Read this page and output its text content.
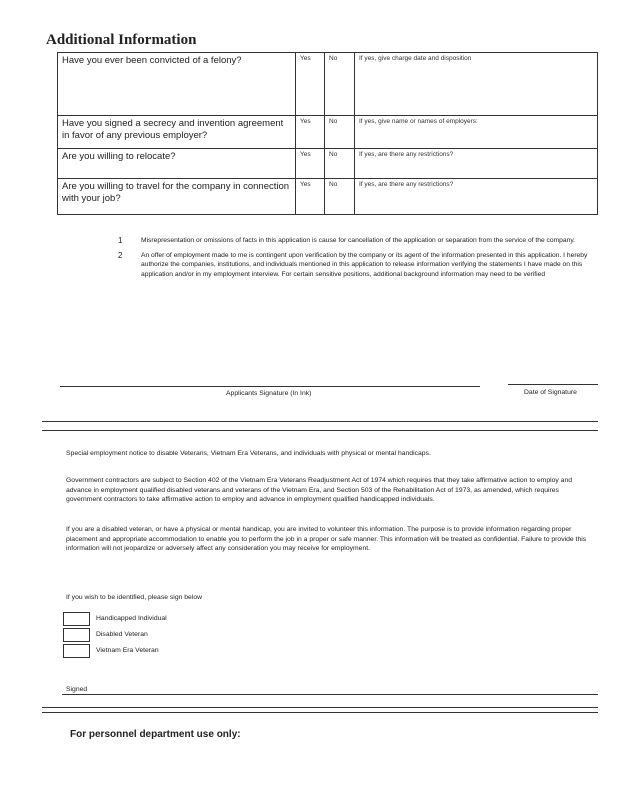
Additional Information
Have you ever been convicted of a felony?	Yes	No	If yes, give charge date and disposition
Have you signed a secrecy and invention agreement in favor of any previous employer?	Yes	No	If yes, give name or names of employers:
Are you willing to relocate?	Yes	No	If yes, are there any restrictions?
Are you willing to travel for the company in connection with your job?	Yes	No	If yes, are there any restrictions?
1	Misrepresentation or omissions of facts in this application is cause for cancellation of the application or separation from the service of the company.
2	An offer of employment made to me is contingent upon verification by the company or its agent of the information presented in this application. I hereby authorize the companies, institutions, and individuals mentioned in this application to release information verifying the statements I have made on this application and/or in my employment interview. For certain sensitive positions, additional background information may need to be verified
Applicants Signature (In Ink)	Date of Signature
Special employment notice to disable Veterans, Vietnam Era Veterans, and individuals with physical or mental handicaps.
Government contractors are subject to Section 402 of the Vietnam Era Veterans Readjustment Act of 1974 which requires that they take affirmative action to employ and advance in employment qualified disabled veterans and veterans of the Vietnam Era, and Section 503 of the Rehabilitation Act of 1973, as amended, which requires government contractors to take affirmative action to employ and advance in employment qualified handicapped individuals.
If you are a disabled veteran, or have a physical or mental handicap, you are invited to volunteer this information. The purpose is to provide information regarding proper placement and appropriate accommodation to enable you to perform the job in a proper or safe manner. This information will be treated as confidential. Failure to provide this information will not jeopardize or adversely affect any consideration you may receive for employment.
If you wish to be identified, please sign below
Handicapped Individual
Disabled Veteran
Vietnam Era Veteran
Signed
For personnel department use only:
